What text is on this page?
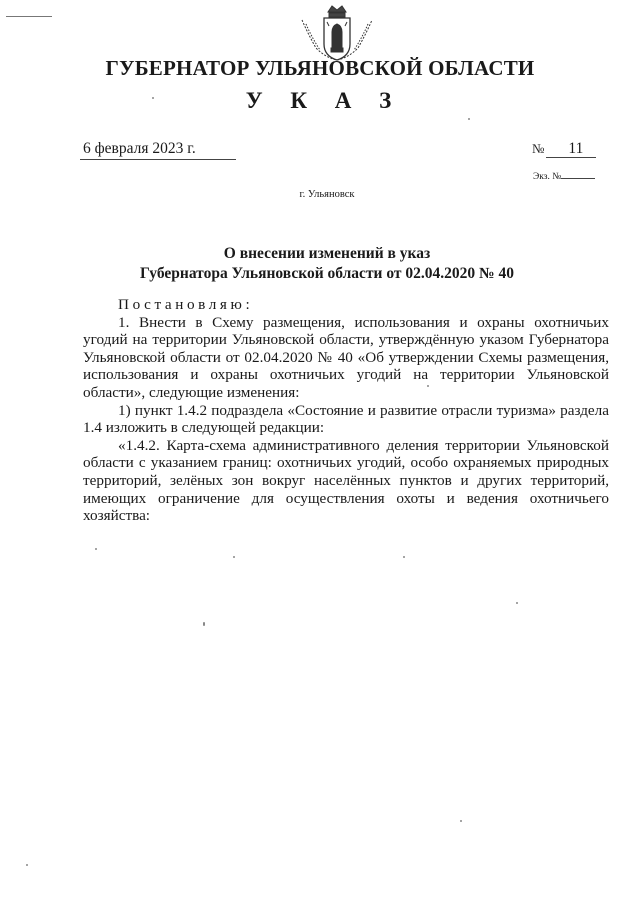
ГУБЕРНАТОР УЛЬЯНОВСКОЙ ОБЛАСТИ
У К А З
6 февраля 2023 г.	№ 11
Экз. №
г. Ульяновск
О внесении изменений в указ
Губернатора Ульяновской области от 02.04.2020 № 40

Постановляю:

1. Внести в Схему размещения, использования и охраны охотничьих угодий на территории Ульяновской области, утверждённую указом Губернатора Ульяновской области от 02.04.2020 № 40 «Об утверждении Схемы размещения, использования и охраны охотничьих угодий на территории Ульяновской области», следующие изменения:

1) пункт 1.4.2 подраздела «Состояние и развитие отрасли туризма» раздела 1.4 изложить в следующей редакции:

«1.4.2. Карта-схема административного деления территории Ульяновской области с указанием границ: охотничьих угодий, особо охраняемых природных территорий, зелёных зон вокруг населённых пунктов и других территорий, имеющих ограничение для осуществления охоты и ведения охотничьего хозяйства:
